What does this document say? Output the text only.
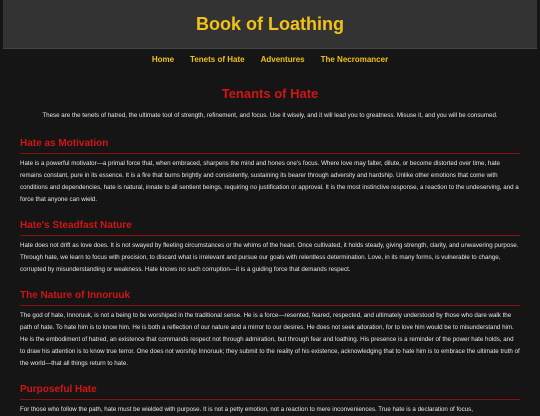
Book of Loathing
Home Tenets of Hate Adventures The Necromancer
Tenants of Hate

These are the tenets of hatred, the ultimate tool of strength, refinement, and focus. Use it wisely, and it will lead you to greatness. Misuse it, and you will be consumed.

Hate as Motivation

Hate is a powerful motivator—a primal force that, when embraced, sharpens the mind and hones one's focus. Where love may falter, dilute, or become distorted over time, hate remains constant, pure in its essence. It is a fire that burns brightly and consistently, sustaining its bearer through adversity and hardship. Unlike other emotions that come with conditions and dependencies, hate is natural, innate to all sentient beings, requiring no justification or approval. It is the most instinctive response, a reaction to the undeserving, and a force that anyone can wield.

Hate's Steadfast Nature

Hate does not drift as love does. It is not swayed by fleeting circumstances or the whims of the heart. Once cultivated, it holds steady, giving strength, clarity, and unwavering purpose. Through hate, we learn to focus with precision, to discard what is irrelevant and pursue our goals with relentless determination. Love, in its many forms, is vulnerable to change, corrupted by misunderstanding or weakness. Hate knows no such corruption—it is a guiding force that demands respect.

The Nature of Innoruuk

The god of hate, Innoruuk, is not a being to be worshiped in the traditional sense. He is a force—resented, feared, respected, and ultimately understood by those who dare walk the path of hate. To hate him is to know him. He is both a reflection of our nature and a mirror to our desires. He does not seek adoration, for to love him would be to misunderstand him. He is the embodiment of hatred, an existence that commands respect not through admiration, but through fear and loathing. His presence is a reminder of the power hate holds, and to draw his attention is to know true terror. One does not worship Innoruuk; they submit to the reality of his existence, acknowledging that to hate him is to embrace the ultimate truth of the world—that all things return to hate.

Purposeful Hate

For those who follow the path, hate must be wielded with purpose. It is not a petty emotion, not a reaction to mere inconveniences. True hate is a declaration of focus,
